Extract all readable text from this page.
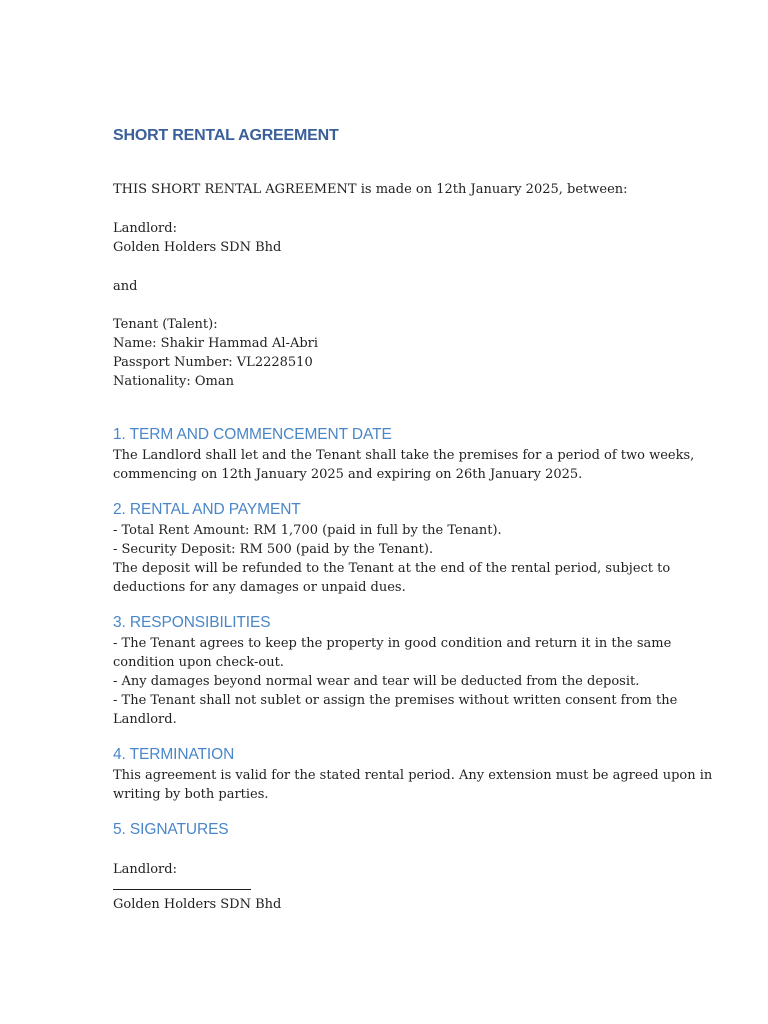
SHORT RENTAL AGREEMENT
THIS SHORT RENTAL AGREEMENT is made on 12th January 2025, between:
Landlord:
Golden Holders SDN Bhd
and
Tenant (Talent):
Name: Shakir Hammad Al-Abri
Passport Number: VL2228510
Nationality: Oman
1. TERM AND COMMENCEMENT DATE
The Landlord shall let and the Tenant shall take the premises for a period of two weeks,
commencing on 12th January 2025 and expiring on 26th January 2025.
2. RENTAL AND PAYMENT
- Total Rent Amount: RM 1,700 (paid in full by the Tenant).
- Security Deposit: RM 500 (paid by the Tenant).
The deposit will be refunded to the Tenant at the end of the rental period, subject to
deductions for any damages or unpaid dues.
3. RESPONSIBILITIES
- The Tenant agrees to keep the property in good condition and return it in the same
condition upon check-out.
- Any damages beyond normal wear and tear will be deducted from the deposit.
- The Tenant shall not sublet or assign the premises without written consent from the
Landlord.
4. TERMINATION
This agreement is valid for the stated rental period. Any extension must be agreed upon in
writing by both parties.
5. SIGNATURES
Landlord:
Golden Holders SDN Bhd
